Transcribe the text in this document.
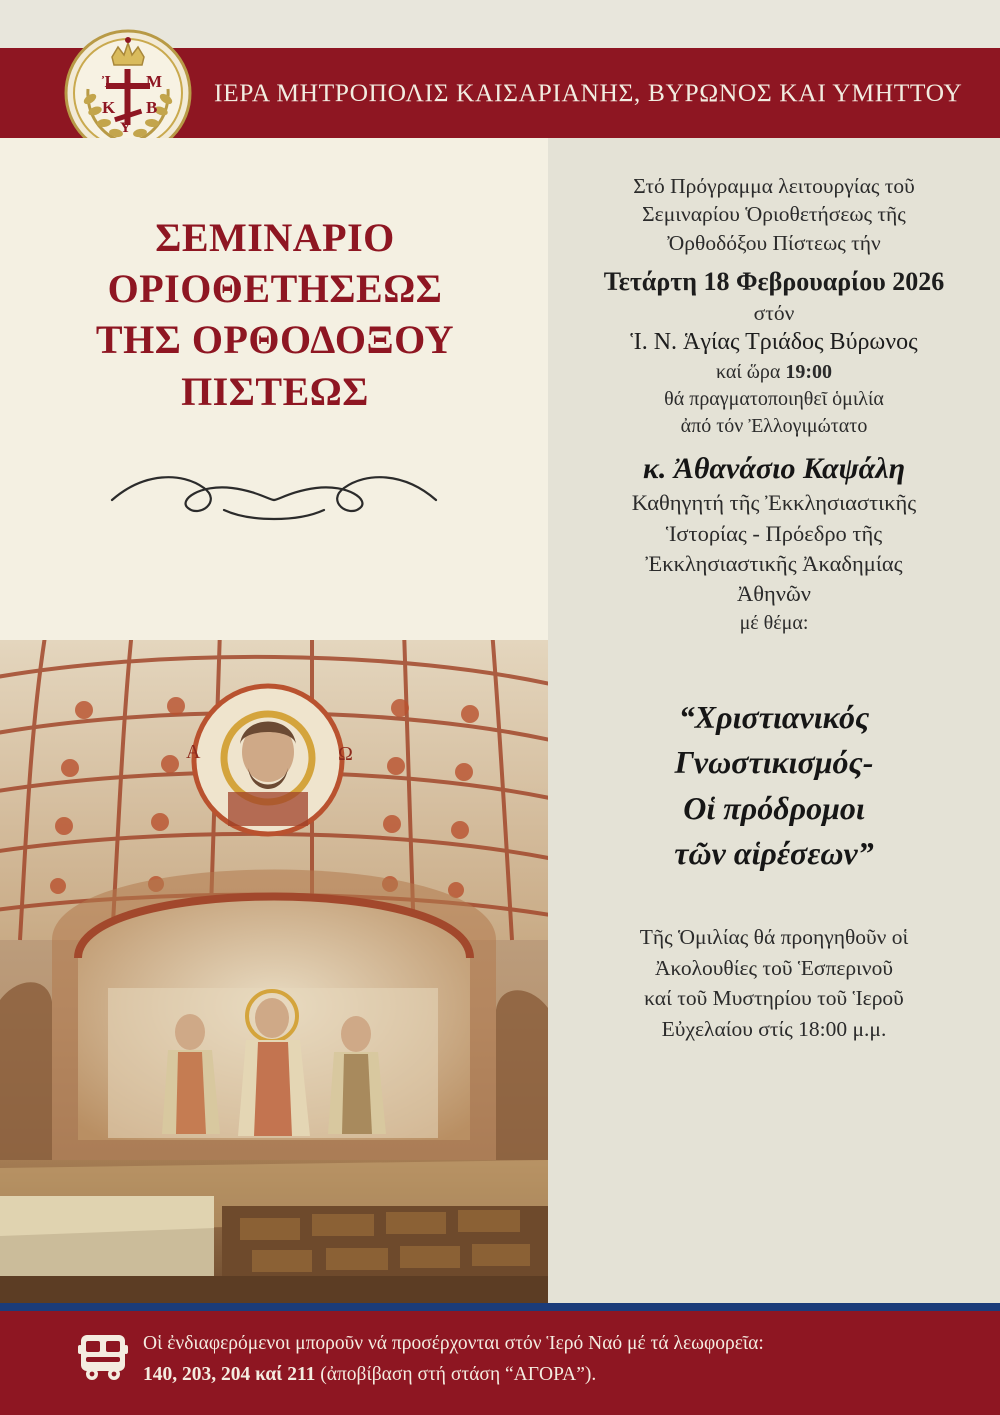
ΙΕΡΑ ΜΗΤΡΟΠΟΛΙΣ ΚΑΙΣΑΡΙΑΝΗΣ, ΒΥΡΩΝΟΣ ΚΑΙ ΥΜΗΤΤΟΥ
Ἰ Μ
Κ Β
Υ
ΣΕΜΙΝΑΡΙΟ
ΟΡΙΟΘΕΤΗΣΕΩΣ
ΤΗΣ ΟΡΘΟΔΟΞΟΥ
ΠΙΣΤΕΩΣ
Α	Ω
Στό Πρόγραμμα λειτουργίας τοῦ
Σεμιναρίου Ὁριοθετήσεως τῆς
Ὀρθοδόξου Πίστεως τήν
Τετάρτη 18 Φεβρουαρίου 2026
στόν
Ἱ. Ν. Ἁγίας Τριάδος Βύρωνος
καί ὥρα 19:00
θά πραγματοποιηθεῖ ὁμιλία
ἀπό τόν Ἐλλογιμώτατο
κ. Ἀθανάσιο Καψάλη
Καθηγητή τῆς Ἐκκλησιαστικῆς
Ἱστορίας - Πρόεδρο τῆς
Ἐκκλησιαστικῆς Ἀκαδημίας
Ἀθηνῶν
μέ θέμα:
“Χριστιανικός
Γνωστικισμός-
Οἱ πρόδρομοι
τῶν αἱρέσεων”
Τῆς Ὁμιλίας θά προηγηθοῦν οἱ
Ἀκολουθίες τοῦ Ἑσπερινοῦ
καί τοῦ Μυστηρίου τοῦ Ἱεροῦ
Εὐχελαίου στίς 18:00 μ.μ.
Οἱ ἐνδιαφερόμενοι μποροῦν νά προσέρχονται στόν Ἱερό Ναό μέ τά λεωφορεῖα:
140, 203, 204 καί 211 (ἀποβίβαση στή στάση “ΑΓΟΡΑ”).
